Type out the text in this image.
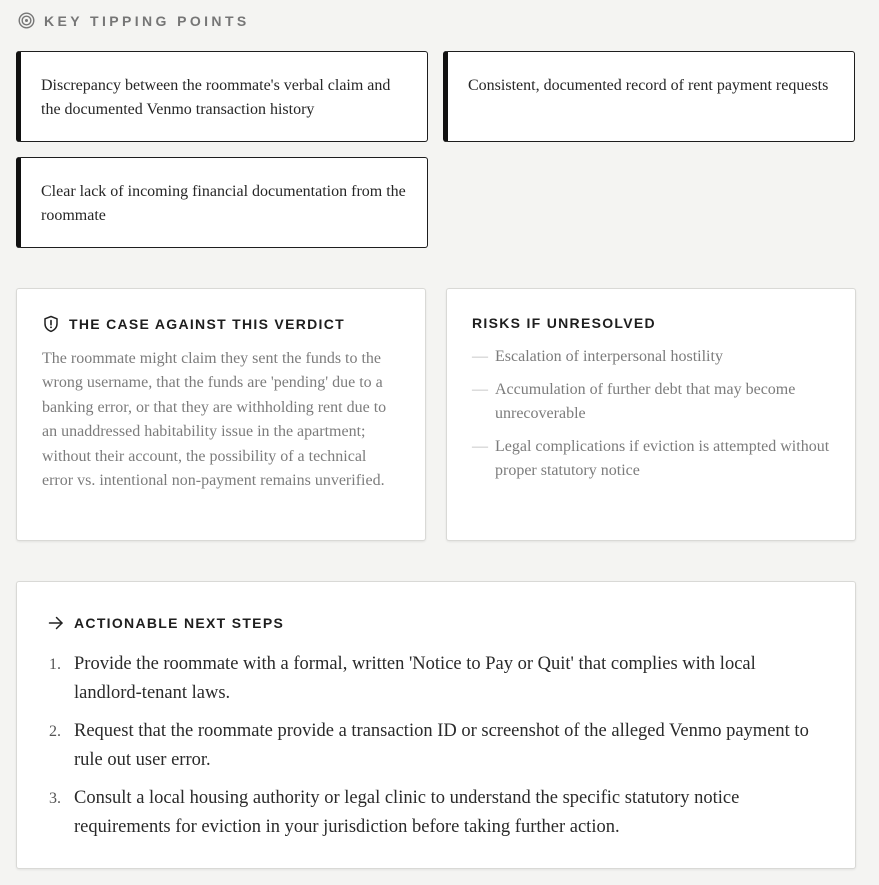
KEY TIPPING POINTS
Discrepancy between the roommate's verbal claim and the documented Venmo transaction history
Consistent, documented record of rent payment requests
Clear lack of incoming financial documentation from the roommate
THE CASE AGAINST THIS VERDICT

The roommate might claim they sent the funds to the wrong username, that the funds are 'pending' due to a banking error, or that they are withholding rent due to an unaddressed habitability issue in the apartment; without their account, the possibility of a technical error vs. intentional non-payment remains unverified.

RISKS IF UNRESOLVED
— Escalation of interpersonal hostility
— Accumulation of further debt that may become unrecoverable
— Legal complications if eviction is attempted without proper statutory notice
ACTIONABLE NEXT STEPS
1. Provide the roommate with a formal, written 'Notice to Pay or Quit' that complies with local landlord-tenant laws.
2. Request that the roommate provide a transaction ID or screenshot of the alleged Venmo payment to rule out user error.
3. Consult a local housing authority or legal clinic to understand the specific statutory notice requirements for eviction in your jurisdiction before taking further action.
